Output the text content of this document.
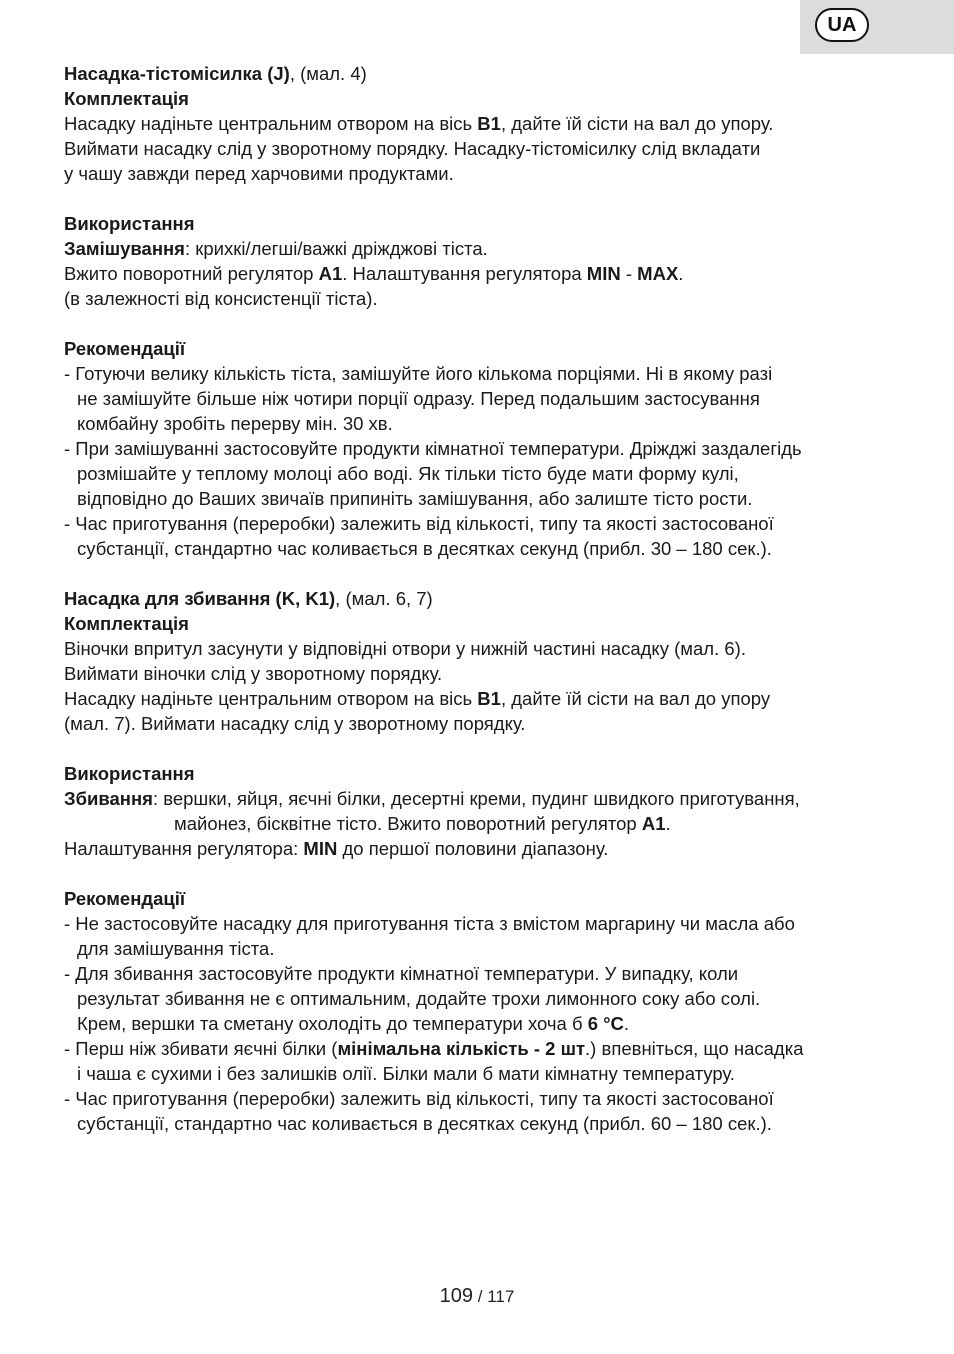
UA
Насадка-тістомісилка (J), (мал. 4)
Комплектація
Насадку надіньте центральним отвором на вісь B1, дайте їй сісти на вал до упору.
Виймати насадку слід у зворотному порядку. Насадку-тістомісилку слід вкладати
у чашу завжди перед харчовими продуктами.
Використання
Замішування: крихкі/легші/важкі дріжджові тіста.
Вжито поворотний регулятор A1. Налаштування регулятора MIN - MAX.
(в залежності від консистенції тіста).
Рекомендації
- Готуючи велику кількість тіста, замішуйте його кількома порціями. Ні в якому разі
не замішуйте більше ніж чотири порції одразу. Перед подальшим застосування
комбайну зробіть перерву мін. 30 хв.
- При замішуванні застосовуйте продукти кімнатної температури. Дріжджі заздалегідь
розмішайте у теплому молоці або воді. Як тільки тісто буде мати форму кулі,
відповідно до Ваших звичаїв припиніть замішування, або залиште тісто рости.
- Час приготування (переробки) залежить від кількості, типу та якості застосованої
субстанції, стандартно час коливається в десятках секунд (прибл. 30 – 180 сек.).
Насадка для збивання (K, K1), (мал. 6, 7)
Комплектація
Віночки впритул засунути у відповідні отвори у нижній частині насадку (мал. 6).
Виймати віночки слід у зворотному порядку.
Насадку надіньте центральним отвором на вісь B1, дайте їй сісти на вал до упору
(мал. 7). Виймати насадку слід у зворотному порядку.
Використання
Збивання: вершки, яйця, яєчні білки, десертні креми, пудинг швидкого приготування,
майонез, бісквітне тісто. Вжито поворотний регулятор A1.
Налаштування регулятора: MIN до першої половини діапазону.
Рекомендації
- Не застосовуйте насадку для приготування тіста з вмістом маргарину чи масла або
для замішування тіста.
- Для збивання застосовуйте продукти кімнатної температури. У випадку, коли
результат збивання не є оптимальним, додайте трохи лимонного соку або солі.
Крем, вершки та сметану охолодіть до температури хоча б 6 °C.
- Перш ніж збивати яєчні білки (мінімальна кількість - 2 шт.) впевніться, що насадка
і чаша є сухими і без залишків олії. Білки мали б мати кімнатну температуру.
- Час приготування (переробки) залежить від кількості, типу та якості застосованої
субстанції, стандартно час коливається в десятках секунд (прибл. 60 – 180 сек.).
109 / 117
